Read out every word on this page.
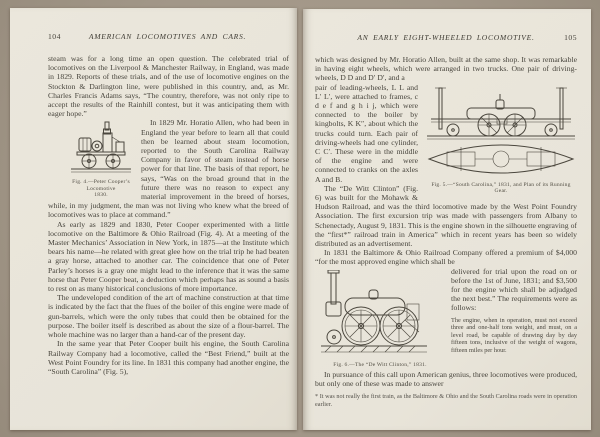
104	AMERICAN LOCOMOTIVES AND CARS.

steam was for a long time an open question. The celebrated trial of locomotives on the Liverpool & Manchester Railway, in England, was made in 1829. Reports of these trials, and of the use of locomotive engines on the Stockton & Darlington line, were published in this country, and, as Mr. Charles Francis Adams says, “The country, therefore, was not only ripe to accept the results of the Rainhill contest, but it was anticipating them with eager hope.”

Fig. 4.—Peter Cooper’s Locomotive
1830.
In 1829 Mr. Horatio Allen, who had been in England the year before to learn all that could then be learned about steam locomotion, reported to the South Carolina Railway Company in favor of steam instead of horse power for that line. The basis of that report, he says, “Was on the broad ground that in the future there was no reason to expect any material improvement in the breed of horses, while, in my judgment, the man was not living who knew what the breed of locomotives was to place at command.”

As early as 1829 and 1830, Peter Cooper experimented with a little locomotive on the Baltimore & Ohio Railroad (Fig. 4). At a meeting of the Master Mechanics’ Association in New York, in 1875—at the Institute which bears his name—he related with great glee how on the trial trip he had beaten a gray horse, attached to another car. The coincidence that one of Peter Parley’s horses is a gray one might lead to the inference that it was the same horse that Peter Cooper beat, a deduction which perhaps has as sound a basis to rest on as many historical conclusions of more importance.

The undeveloped condition of the art of machine construction at that time is indicated by the fact that the flues of the boiler of this engine were made of gun-barrels, which were the only tubes that could then be obtained for the purpose. The boiler itself is described as about the size of a flour-barrel. The whole machine was no larger than a hand-car of the present day.

In the same year that Peter Cooper built his engine, the South Carolina Railway Company had a locomotive, called the “Best Friend,” built at the West Point Foundry for its line. In 1831 this company had another engine, the “South Carolina” (Fig. 5),

AN EARLY EIGHT-WHEELED LOCOMOTIVE.	105

which was designed by Mr. Horatio Allen, built at the same shop. It was remarkable in having eight wheels, which were arranged in two trucks. One pair of driving-wheels, D D and D′ D′, and a

Fig. 5.—“South Carolina,” 1831, and Plan of its Running Gear.
pair of leading-wheels, L L and L′ L′, were attached to frames, c d e f and g h i j, which were connected to the boiler by kingbolts, K K″, about which the trucks could turn. Each pair of driving-wheels had one cylinder, C C′. These were in the middle of the engine and were connected to cranks on the axles A and B.

The “De Witt Clinton” (Fig. 6) was built for the Mohawk & Hudson Railroad, and was the third locomotive made by the West Point Foundry Association. The first excursion trip was made with passengers from Albany to Schenectady, August 9, 1831. This is the engine shown in the silhouette engraving of the “first*” railroad train in America” which in recent years has been so widely distributed as an advertisement.

In 1831 the Baltimore & Ohio Railroad Company offered a premium of $4,000 “for the most approved engine which shall be

Fig. 6.—The “De Witt Clinton,” 1831.
delivered for trial upon the road on or before the 1st of June, 1831; and $3,500 for the engine which shall be adjudged the next best.” The requirements were as follows:

The engine, when in operation, must not exceed three and one-half tons weight, and must, on a level road, be capable of drawing day by day fifteen tons, inclusive of the weight of wagons, fifteen miles per hour.

In pursuance of this call upon American genius, three locomotives were produced, but only one of these was made to answer

* It was not really the first train, as the Baltimore & Ohio and the South Carolina roads were in operation earlier.
